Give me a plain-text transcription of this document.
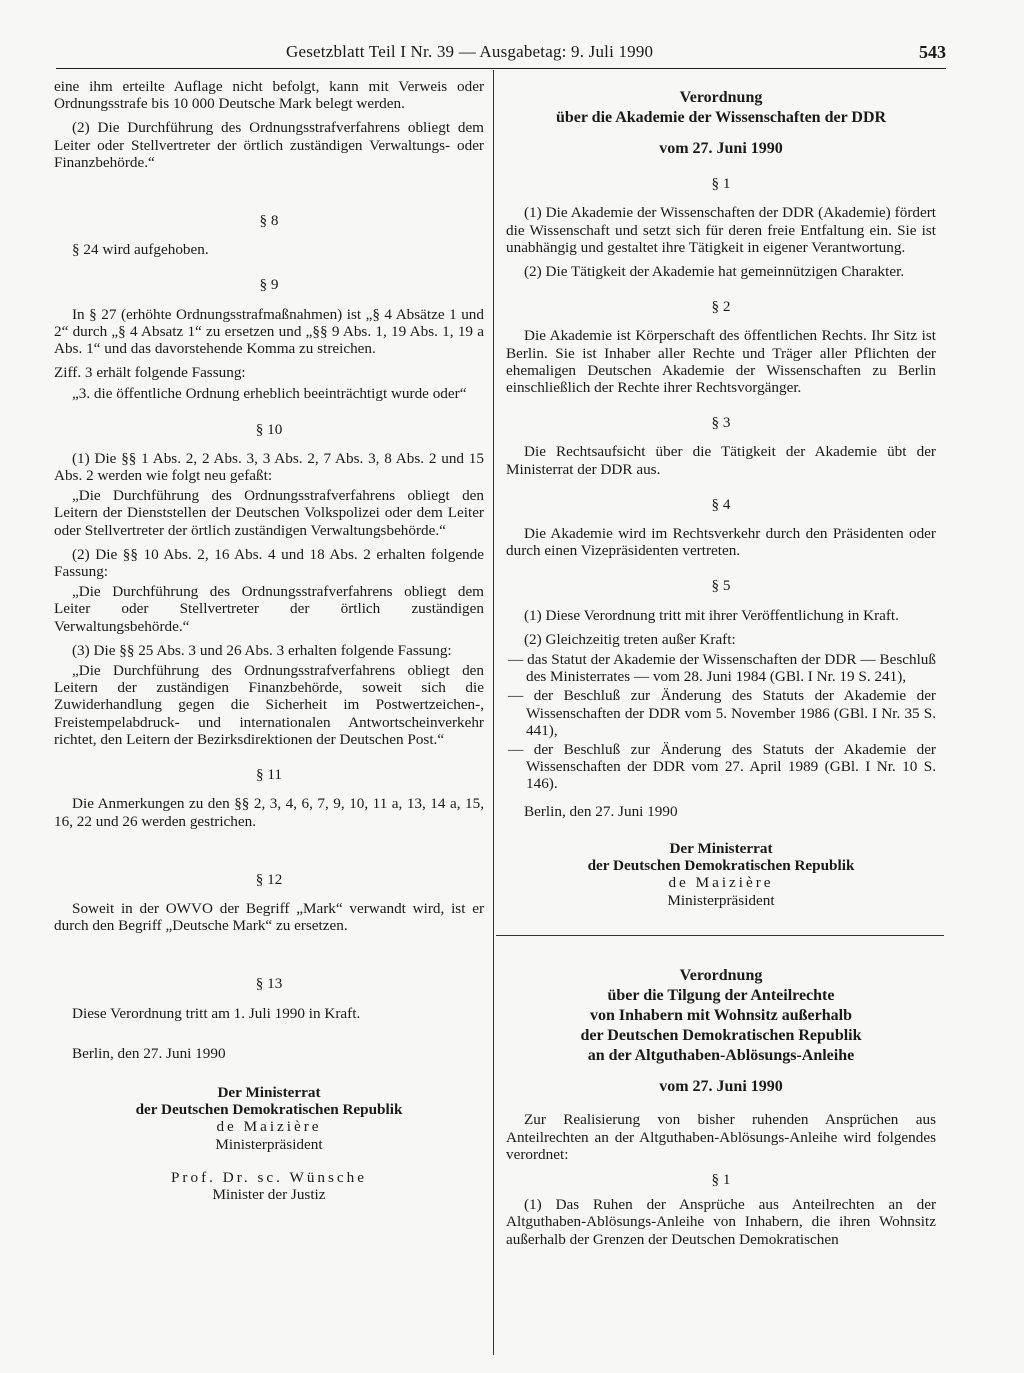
Gesetzblatt Teil I Nr. 39 — Ausgabetag: 9. Juli 1990	543

eine ihm erteilte Auflage nicht befolgt, kann mit Verweis oder Ordnungsstrafe bis 10 000 Deutsche Mark belegt werden.

(2) Die Durchführung des Ordnungsstrafverfahrens obliegt dem Leiter oder Stellvertreter der örtlich zuständigen Verwaltungs- oder Finanzbehörde.“

§ 8

§ 24 wird aufgehoben.

§ 9

In § 27 (erhöhte Ordnungsstrafmaßnahmen) ist „§ 4 Absätze 1 und 2“ durch „§ 4 Absatz 1“ zu ersetzen und „§§ 9 Abs. 1, 19 Abs. 1, 19 a Abs. 1“ und das davorstehende Komma zu streichen.

Ziff. 3 erhält folgende Fassung:

„3. die öffentliche Ordnung erheblich beeinträchtigt wurde oder“

§ 10

(1) Die §§ 1 Abs. 2, 2 Abs. 3, 3 Abs. 2, 7 Abs. 3, 8 Abs. 2 und 15 Abs. 2 werden wie folgt neu gefaßt:

„Die Durchführung des Ordnungsstrafverfahrens obliegt den Leitern der Dienststellen der Deutschen Volkspolizei oder dem Leiter oder Stellvertreter der örtlich zuständigen Verwaltungsbehörde.“

(2) Die §§ 10 Abs. 2, 16 Abs. 4 und 18 Abs. 2 erhalten folgende Fassung:

„Die Durchführung des Ordnungsstrafverfahrens obliegt dem Leiter oder Stellvertreter der örtlich zuständigen Verwaltungsbehörde.“

(3) Die §§ 25 Abs. 3 und 26 Abs. 3 erhalten folgende Fassung:

„Die Durchführung des Ordnungsstrafverfahrens obliegt den Leitern der zuständigen Finanzbehörde, soweit sich die Zuwiderhandlung gegen die Sicherheit im Postwertzeichen-, Freistempelabdruck- und internationalen Antwortscheinverkehr richtet, den Leitern der Bezirksdirektionen der Deutschen Post.“

§ 11

Die Anmerkungen zu den §§ 2, 3, 4, 6, 7, 9, 10, 11 a, 13, 14 a, 15, 16, 22 und 26 werden gestrichen.

§ 12

Soweit in der OWVO der Begriff „Mark“ verwandt wird, ist er durch den Begriff „Deutsche Mark“ zu ersetzen.

§ 13

Diese Verordnung tritt am 1. Juli 1990 in Kraft.

Berlin, den 27. Juni 1990

Der Ministerrat

der Deutschen Demokratischen Republik

de Maizière

Ministerpräsident

Prof. Dr. sc. Wünsche

Minister der Justiz

Verordnung

über die Akademie der Wissenschaften der DDR

vom 27. Juni 1990
§ 1

(1) Die Akademie der Wissenschaften der DDR (Akademie) fördert die Wissenschaft und setzt sich für deren freie Entfaltung ein. Sie ist unabhängig und gestaltet ihre Tätigkeit in eigener Verantwortung.

(2) Die Tätigkeit der Akademie hat gemeinnützigen Charakter.

§ 2

Die Akademie ist Körperschaft des öffentlichen Rechts. Ihr Sitz ist Berlin. Sie ist Inhaber aller Rechte und Träger aller Pflichten der ehemaligen Deutschen Akademie der Wissenschaften zu Berlin einschließlich der Rechte ihrer Rechtsvorgänger.

§ 3

Die Rechtsaufsicht über die Tätigkeit der Akademie übt der Ministerrat der DDR aus.

§ 4

Die Akademie wird im Rechtsverkehr durch den Präsidenten oder durch einen Vizepräsidenten vertreten.

§ 5

(1) Diese Verordnung tritt mit ihrer Veröffentlichung in Kraft.

(2) Gleichzeitig treten außer Kraft:

— das Statut der Akademie der Wissenschaften der DDR — Beschluß des Ministerrates — vom 28. Juni 1984 (GBl. I Nr. 19 S. 241),

— der Beschluß zur Änderung des Statuts der Akademie der Wissenschaften der DDR vom 5. November 1986 (GBl. I Nr. 35 S. 441),

— der Beschluß zur Änderung des Statuts der Akademie der Wissenschaften der DDR vom 27. April 1989 (GBl. I Nr. 10 S. 146).

Berlin, den 27. Juni 1990

Der Ministerrat

der Deutschen Demokratischen Republik

de Maizière

Ministerpräsident

Verordnung

über die Tilgung der Anteilrechte

von Inhabern mit Wohnsitz außerhalb

der Deutschen Demokratischen Republik

an der Altguthaben-Ablösungs-Anleihe

vom 27. Juni 1990

Zur Realisierung von bisher ruhenden Ansprüchen aus Anteilrechten an der Altguthaben-Ablösungs-Anleihe wird folgendes verordnet:

§ 1

(1) Das Ruhen der Ansprüche aus Anteilrechten an der Altguthaben-Ablösungs-Anleihe von Inhabern, die ihren Wohnsitz außerhalb der Grenzen der Deutschen Demokratischen
